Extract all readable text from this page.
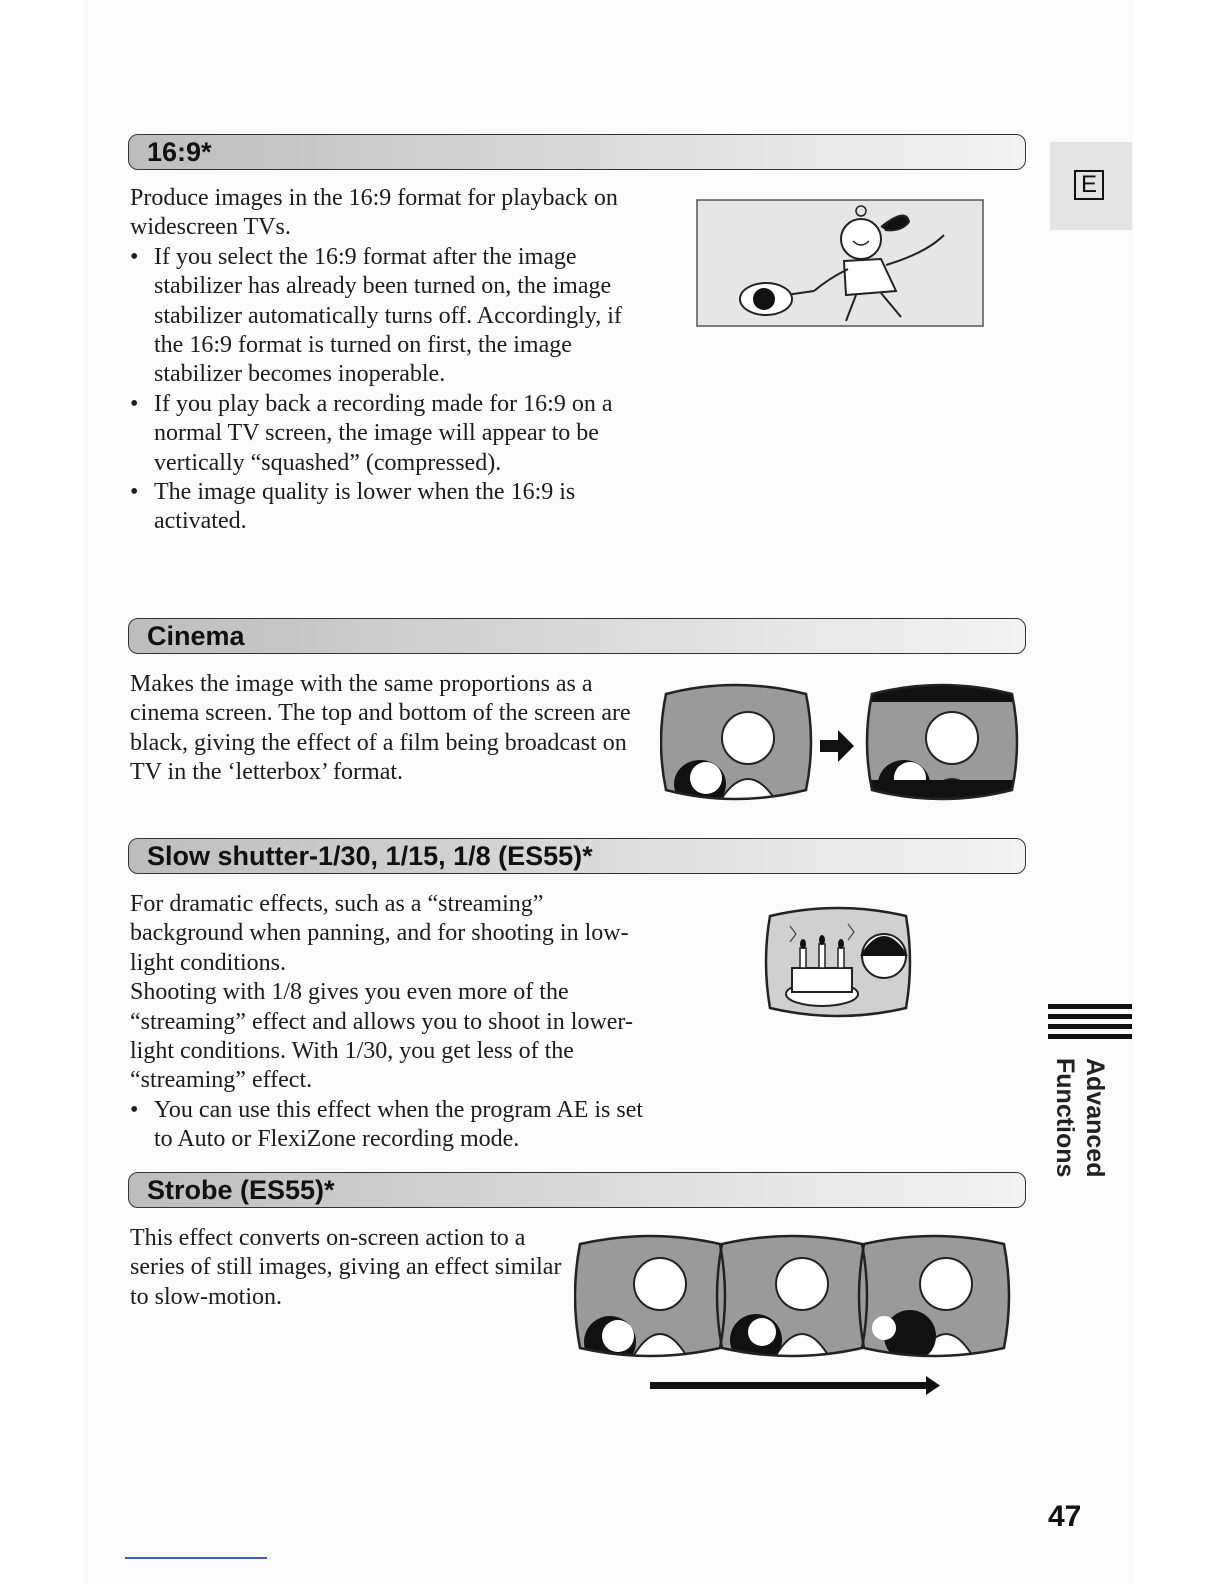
16:9*

Produce images in the 16:9 format for playback on widescreen TVs.

• If you select the 16:9 format after the image stabilizer has already been turned on, the image stabilizer automatically turns off. Accordingly, if the 16:9 format is turned on first, the image stabilizer becomes inoperable.

• If you play back a recording made for 16:9 on a normal TV screen, the image will appear to be vertically “squashed” (compressed).

• The image quality is lower when the 16:9 is activated.

Cinema

Makes the image with the same proportions as a cinema screen. The top and bottom of the screen are black, giving the effect of a film being broadcast on TV in the ‘letterbox’ format.

Slow shutter-1/30, 1/15, 1/8 (ES55)*

For dramatic effects, such as a “streaming” background when panning, and for shooting in low-light conditions.

Shooting with 1/8 gives you even more of the “streaming” effect and allows you to shoot in lower-light conditions. With 1/30, you get less of the “streaming” effect.

• You can use this effect when the program AE is set to Auto or FlexiZone recording mode.

Strobe (ES55)*

This effect converts on-screen action to a series of still images, giving an effect similar to slow-motion.

E
Advanced
Functions
47
